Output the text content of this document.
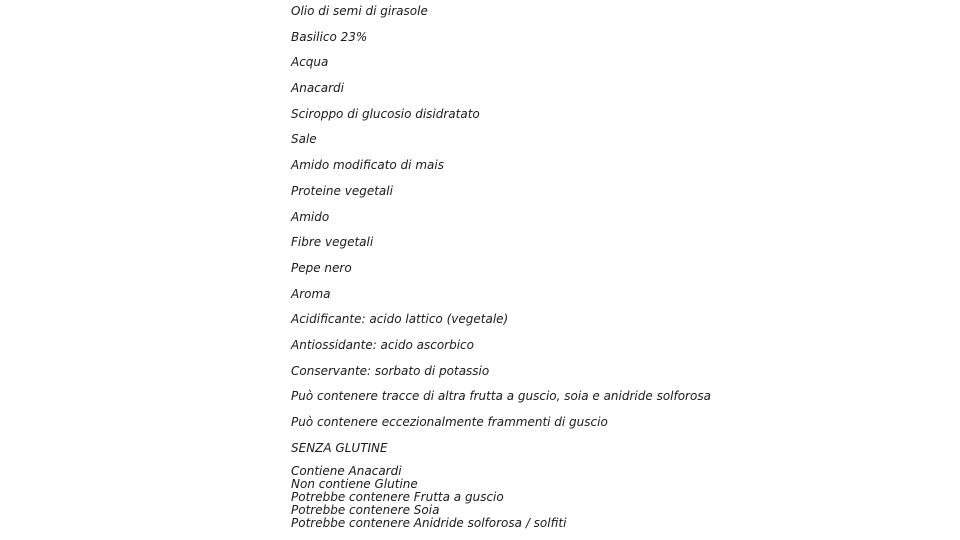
Olio di semi di girasole
Basilico 23%
Acqua
Anacardi
Sciroppo di glucosio disidratato
Sale
Amido modificato di mais
Proteine vegetali
Amido
Fibre vegetali
Pepe nero
Aroma
Acidificante: acido lattico (vegetale)
Antiossidante: acido ascorbico
Conservante: sorbato di potassio
Può contenere tracce di altra frutta a guscio, soia e anidride solforosa
Può contenere eccezionalmente frammenti di guscio
SENZA GLUTINE
Contiene Anacardi
Non contiene Glutine
Potrebbe contenere Frutta a guscio
Potrebbe contenere Soia
Potrebbe contenere Anidride solforosa / solfiti
